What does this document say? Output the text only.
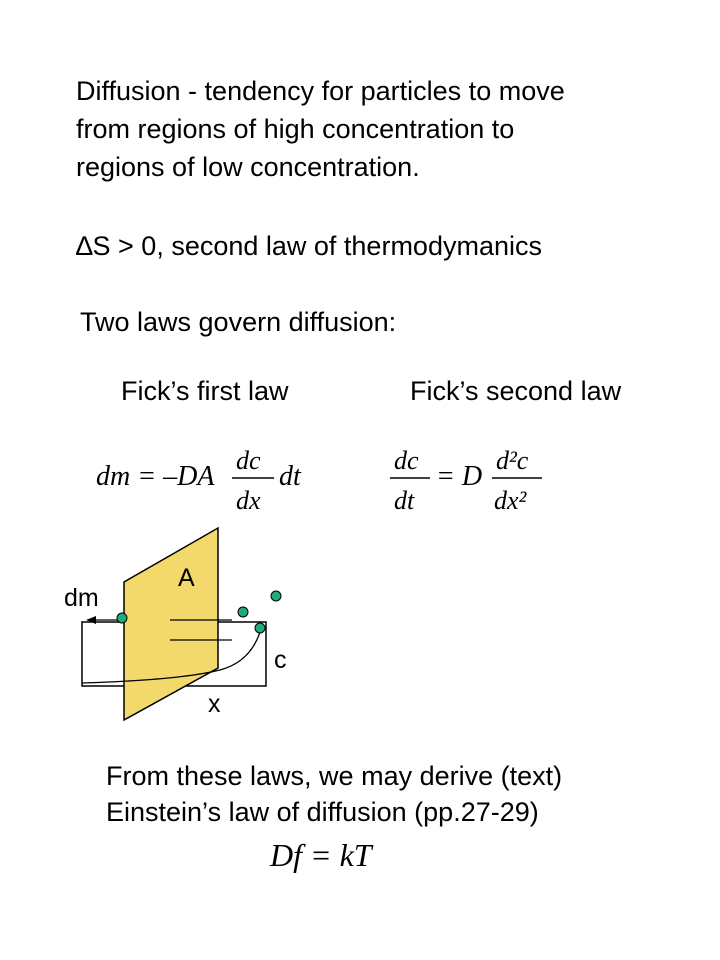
Diffusion - tendency for particles to move
from regions of high concentration to
regions of low concentration.
∆S > 0, second law of thermodymanics
Two laws govern diffusion:
Fick’s first law	Fick’s second law
dm = –DA
dc
dx
dt
dc
dt
= D
d²c
dx²
A
dm
c
x
From these laws, we may derive (text)
Einstein’s law of diffusion (pp.27-29)
Df = kT
